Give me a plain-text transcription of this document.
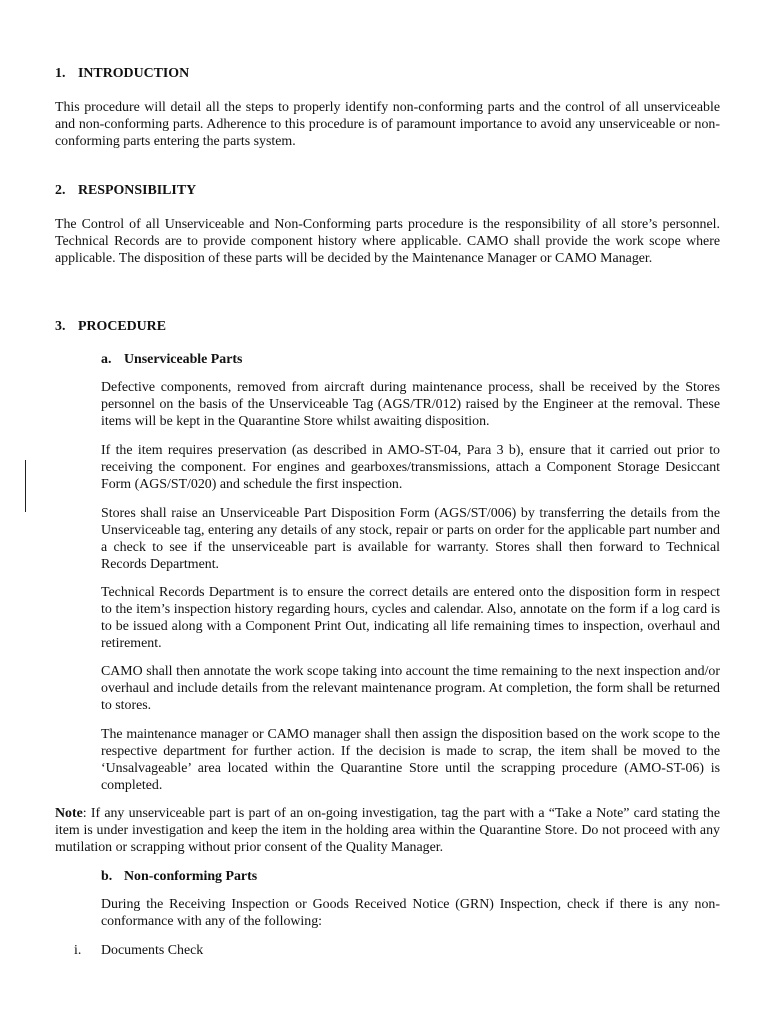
1. INTRODUCTION

This procedure will detail all the steps to properly identify non-conforming parts and the control of all unserviceable and non-conforming parts. Adherence to this procedure is of paramount importance to avoid any unserviceable or non-conforming parts entering the parts system.

2. RESPONSIBILITY

The Control of all Unserviceable and Non-Conforming parts procedure is the responsibility of all store’s personnel. Technical Records are to provide component history where applicable. CAMO shall provide the work scope where applicable. The disposition of these parts will be decided by the Maintenance Manager or CAMO Manager.

3. PROCEDURE
a. Unserviceable Parts

Defective components, removed from aircraft during maintenance process, shall be received by the Stores personnel on the basis of the Unserviceable Tag (AGS/TR/012) raised by the Engineer at the removal. These items will be kept in the Quarantine Store whilst awaiting disposition.

If the item requires preservation (as described in AMO-ST-04, Para 3 b), ensure that it carried out prior to receiving the component. For engines and gearboxes/transmissions, attach a Component Storage Desiccant Form (AGS/ST/020) and schedule the first inspection.

Stores shall raise an Unserviceable Part Disposition Form (AGS/ST/006) by transferring the details from the Unserviceable tag, entering any details of any stock, repair or parts on order for the applicable part number and a check to see if the unserviceable part is available for warranty. Stores shall then forward to Technical Records Department.

Technical Records Department is to ensure the correct details are entered onto the disposition form in respect to the item’s inspection history regarding hours, cycles and calendar. Also, annotate on the form if a log card is to be issued along with a Component Print Out, indicating all life remaining times to inspection, overhaul and retirement.

CAMO shall then annotate the work scope taking into account the time remaining to the next inspection and/or overhaul and include details from the relevant maintenance program. At completion, the form shall be returned to stores.

The maintenance manager or CAMO manager shall then assign the disposition based on the work scope to the respective department for further action. If the decision is made to scrap, the item shall be moved to the ‘Unsalvageable’ area located within the Quarantine Store until the scrapping procedure (AMO-ST-06) is completed.

Note: If any unserviceable part is part of an on-going investigation, tag the part with a “Take a Note” card stating the item is under investigation and keep the item in the holding area within the Quarantine Store. Do not proceed with any mutilation or scrapping without prior consent of the Quality Manager.

b. Non-conforming Parts

During the Receiving Inspection or Goods Received Notice (GRN) Inspection, check if there is any non-conformance with any of the following:

i. Documents Check
